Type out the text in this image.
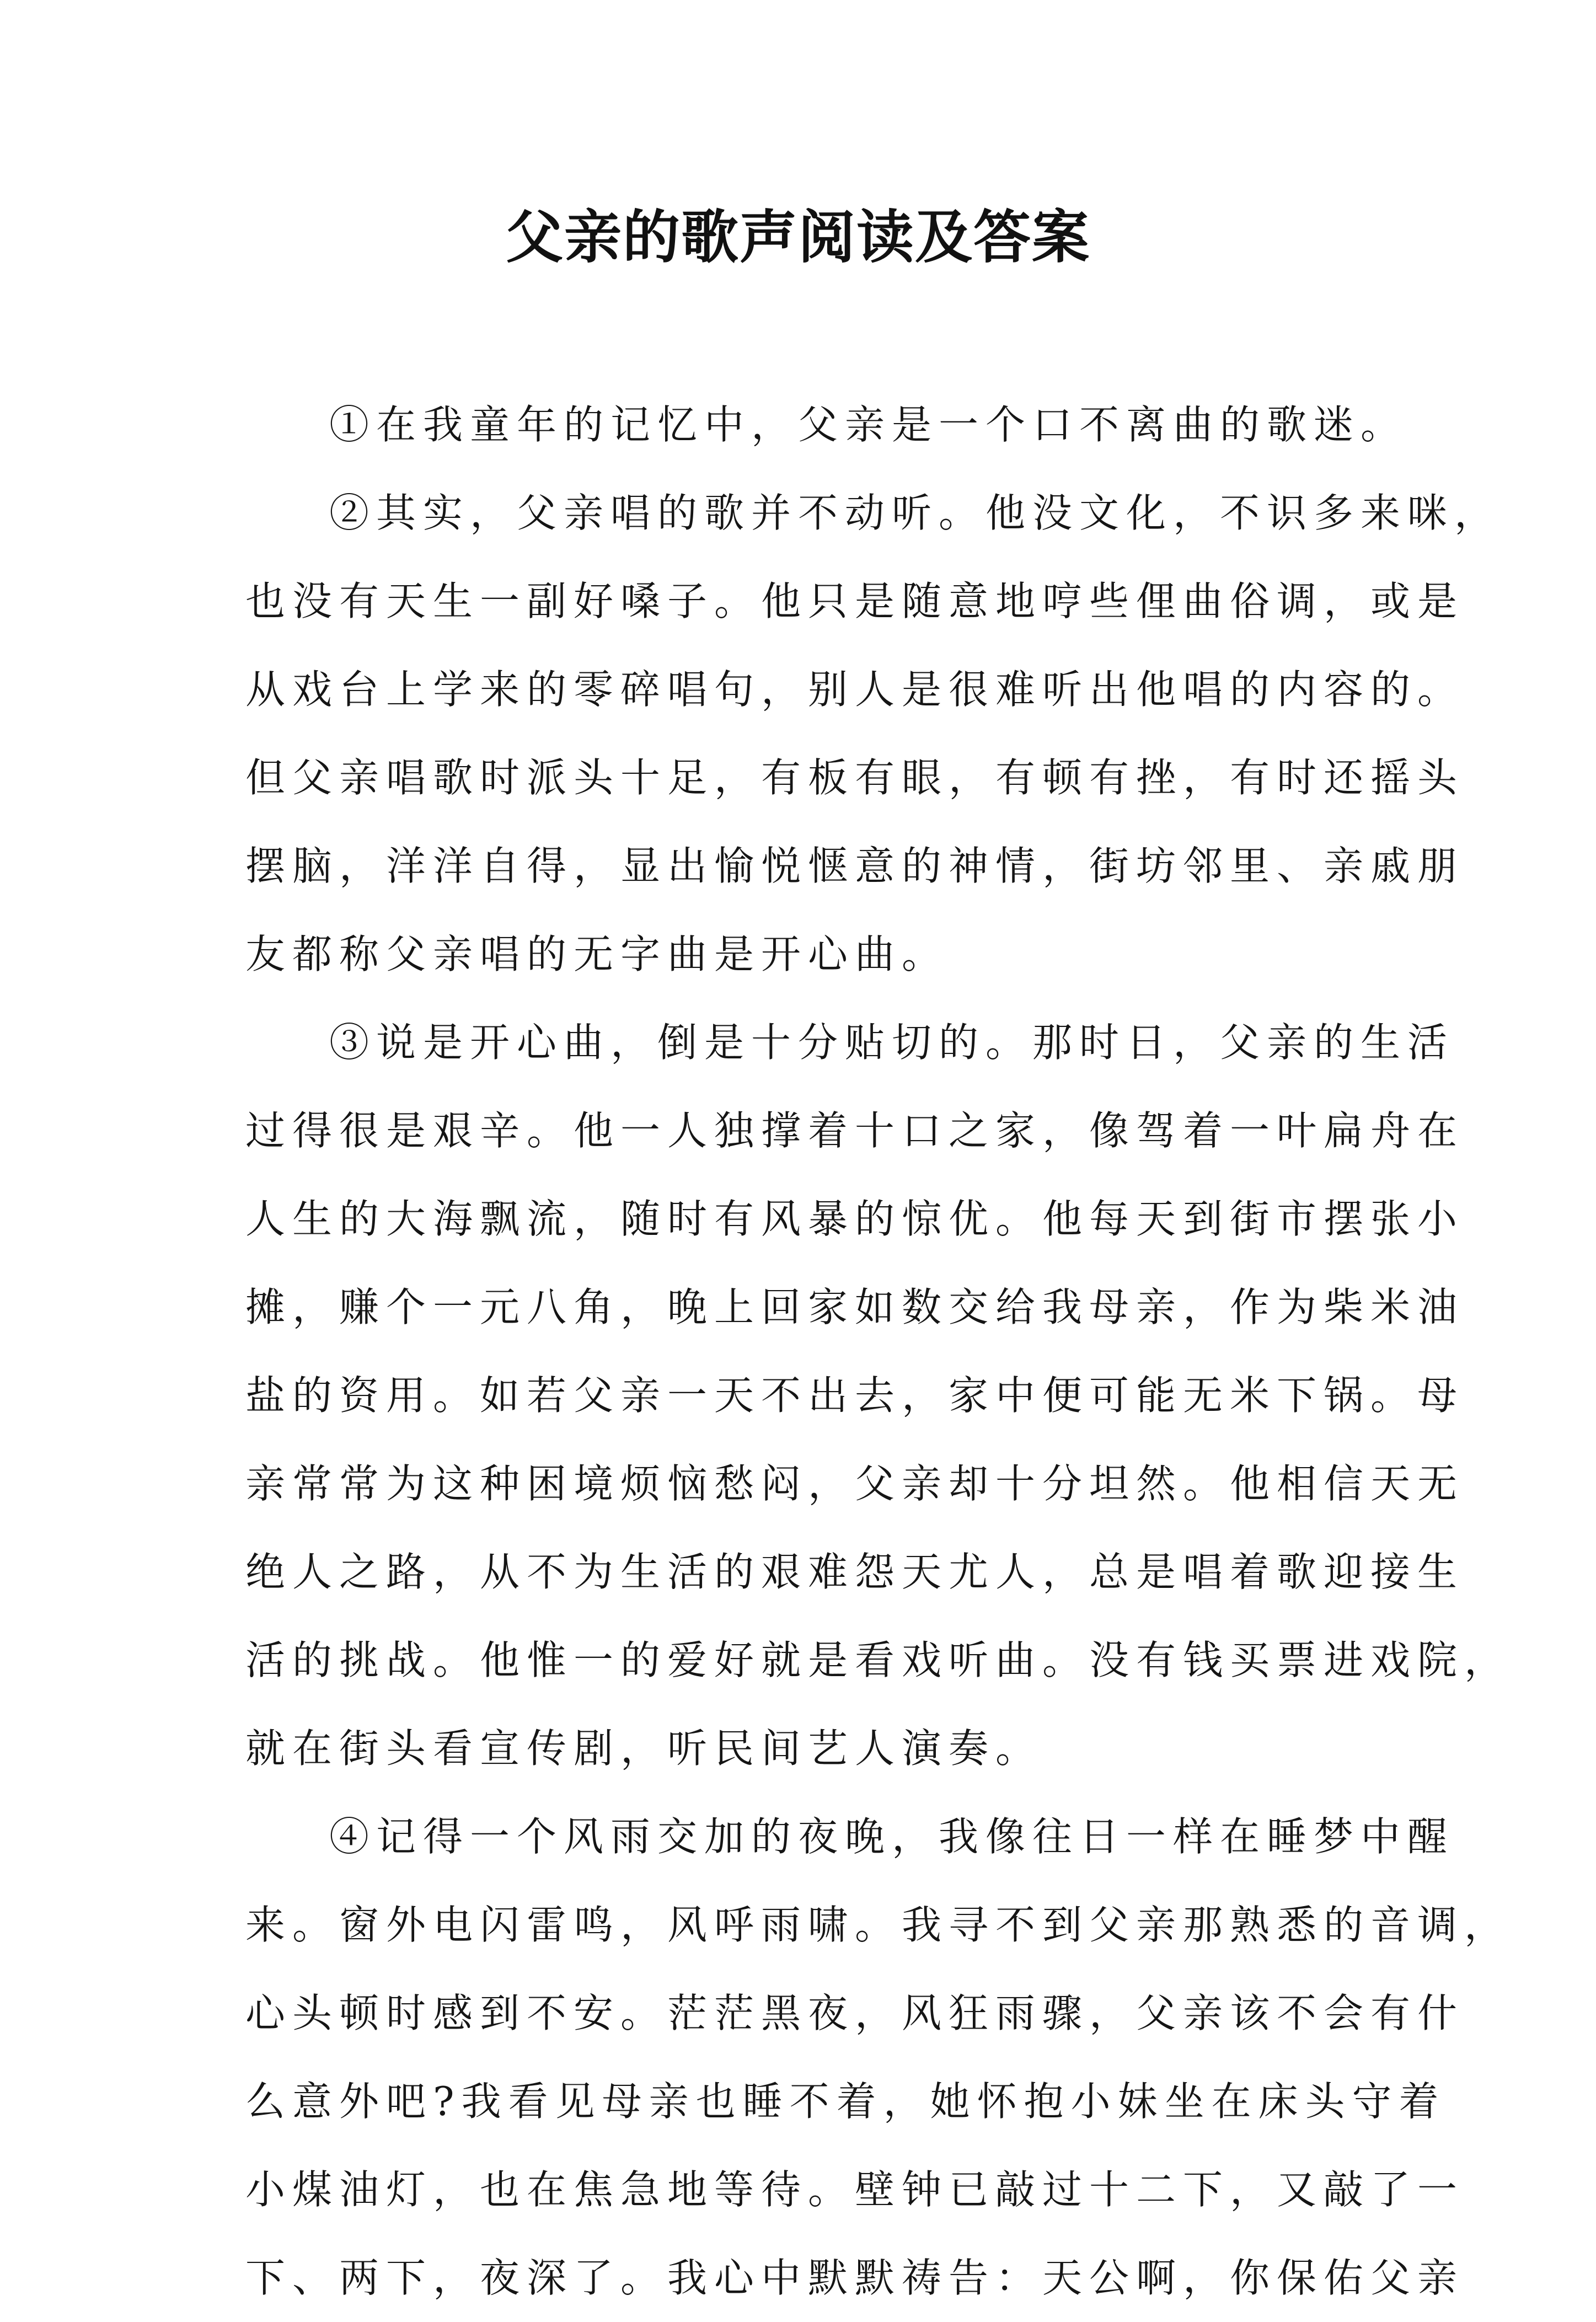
父亲的歌声阅读及答案
①在我童年的记忆中，父亲是一个口不离曲的歌迷。
②其实，父亲唱的歌并不动听。他没文化，不识多来咪，
也没有天生一副好嗓子。他只是随意地哼些俚曲俗调，或是
从戏台上学来的零碎唱句，别人是很难听出他唱的内容的。
但父亲唱歌时派头十足，有板有眼，有顿有挫，有时还摇头
摆脑，洋洋自得，显出愉悦惬意的神情，街坊邻里、亲戚朋
友都称父亲唱的无字曲是开心曲。
③说是开心曲，倒是十分贴切的。那时日，父亲的生活
过得很是艰辛。他一人独撑着十口之家，像驾着一叶扁舟在
人生的大海飘流，随时有风暴的惊优。他每天到街市摆张小
摊，赚个一元八角，晚上回家如数交给我母亲，作为柴米油
盐的资用。如若父亲一天不出去，家中便可能无米下锅。母
亲常常为这种困境烦恼愁闷，父亲却十分坦然。他相信天无
绝人之路，从不为生活的艰难怨天尤人，总是唱着歌迎接生
活的挑战。他惟一的爱好就是看戏听曲。没有钱买票进戏院，
就在街头看宣传剧，听民间艺人演奏。
④记得一个风雨交加的夜晚，我像往日一样在睡梦中醒
来。窗外电闪雷鸣，风呼雨啸。我寻不到父亲那熟悉的音调，
心头顿时感到不安。茫茫黑夜，风狂雨骤，父亲该不会有什
么意外吧?我看见母亲也睡不着，她怀抱小妹坐在床头守着
小煤油灯，也在焦急地等待。壁钟已敲过十二下，又敲了一
下、两下，夜深了。我心中默默祷告：天公啊，你保佑父亲
